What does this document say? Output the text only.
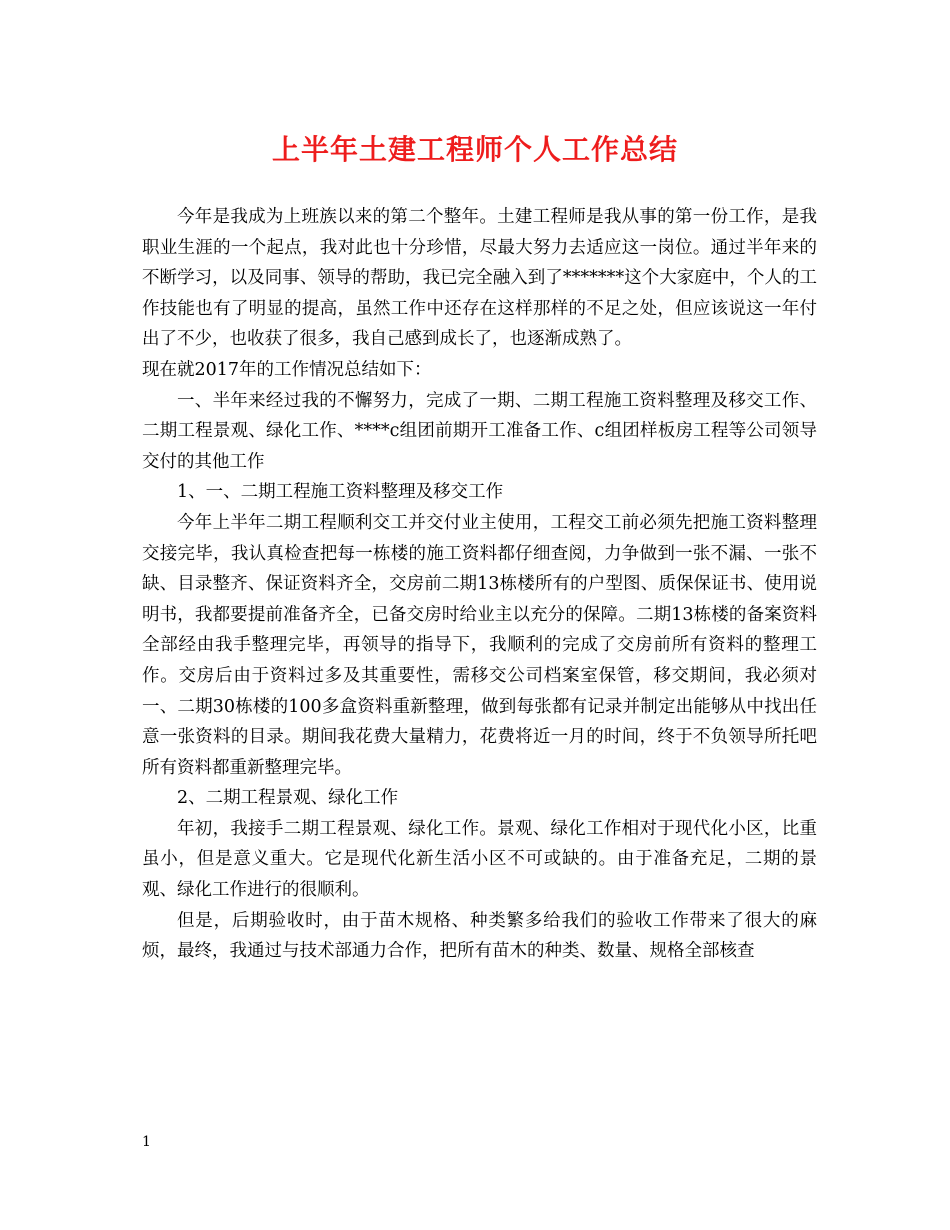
上半年土建工程师个人工作总结

今年是我成为上班族以来的第二个整年。土建工程师是我从事的第一份工作，是我职业生涯的一个起点，我对此也十分珍惜，尽最大努力去适应这一岗位。通过半年来的不断学习，以及同事、领导的帮助，我已完全融入到了*******这个大家庭中，个人的工作技能也有了明显的提高，虽然工作中还存在这样那样的不足之处，但应该说这一年付出了不少，也收获了很多，我自己感到成长了，也逐渐成熟了。

现在就2017年的工作情况总结如下：

一、半年来经过我的不懈努力，完成了一期、二期工程施工资料整理及移交工作、二期工程景观、绿化工作、****c组团前期开工准备工作、c组团样板房工程等公司领导交付的其他工作

1、一、二期工程施工资料整理及移交工作

今年上半年二期工程顺利交工并交付业主使用，工程交工前必须先把施工资料整理交接完毕，我认真检查把每一栋楼的施工资料都仔细查阅，力争做到一张不漏、一张不缺、目录整齐、保证资料齐全，交房前二期13栋楼所有的户型图、质保保证书、使用说明书，我都要提前准备齐全，已备交房时给业主以充分的保障。二期13栋楼的备案资料全部经由我手整理完毕，再领导的指导下，我顺利的完成了交房前所有资料的整理工作。交房后由于资料过多及其重要性，需移交公司档案室保管，移交期间，我必须对一、二期30栋楼的100多盒资料重新整理，做到每张都有记录并制定出能够从中找出任意一张资料的目录。期间我花费大量精力，花费将近一月的时间，终于不负领导所托吧所有资料都重新整理完毕。

2、二期工程景观、绿化工作

年初，我接手二期工程景观、绿化工作。景观、绿化工作相对于现代化小区，比重虽小，但是意义重大。它是现代化新生活小区不可或缺的。由于准备充足，二期的景观、绿化工作进行的很顺利。

但是，后期验收时，由于苗木规格、种类繁多给我们的验收工作带来了很大的麻烦，最终，我通过与技术部通力合作，把所有苗木的种类、数量、规格全部核查

1
